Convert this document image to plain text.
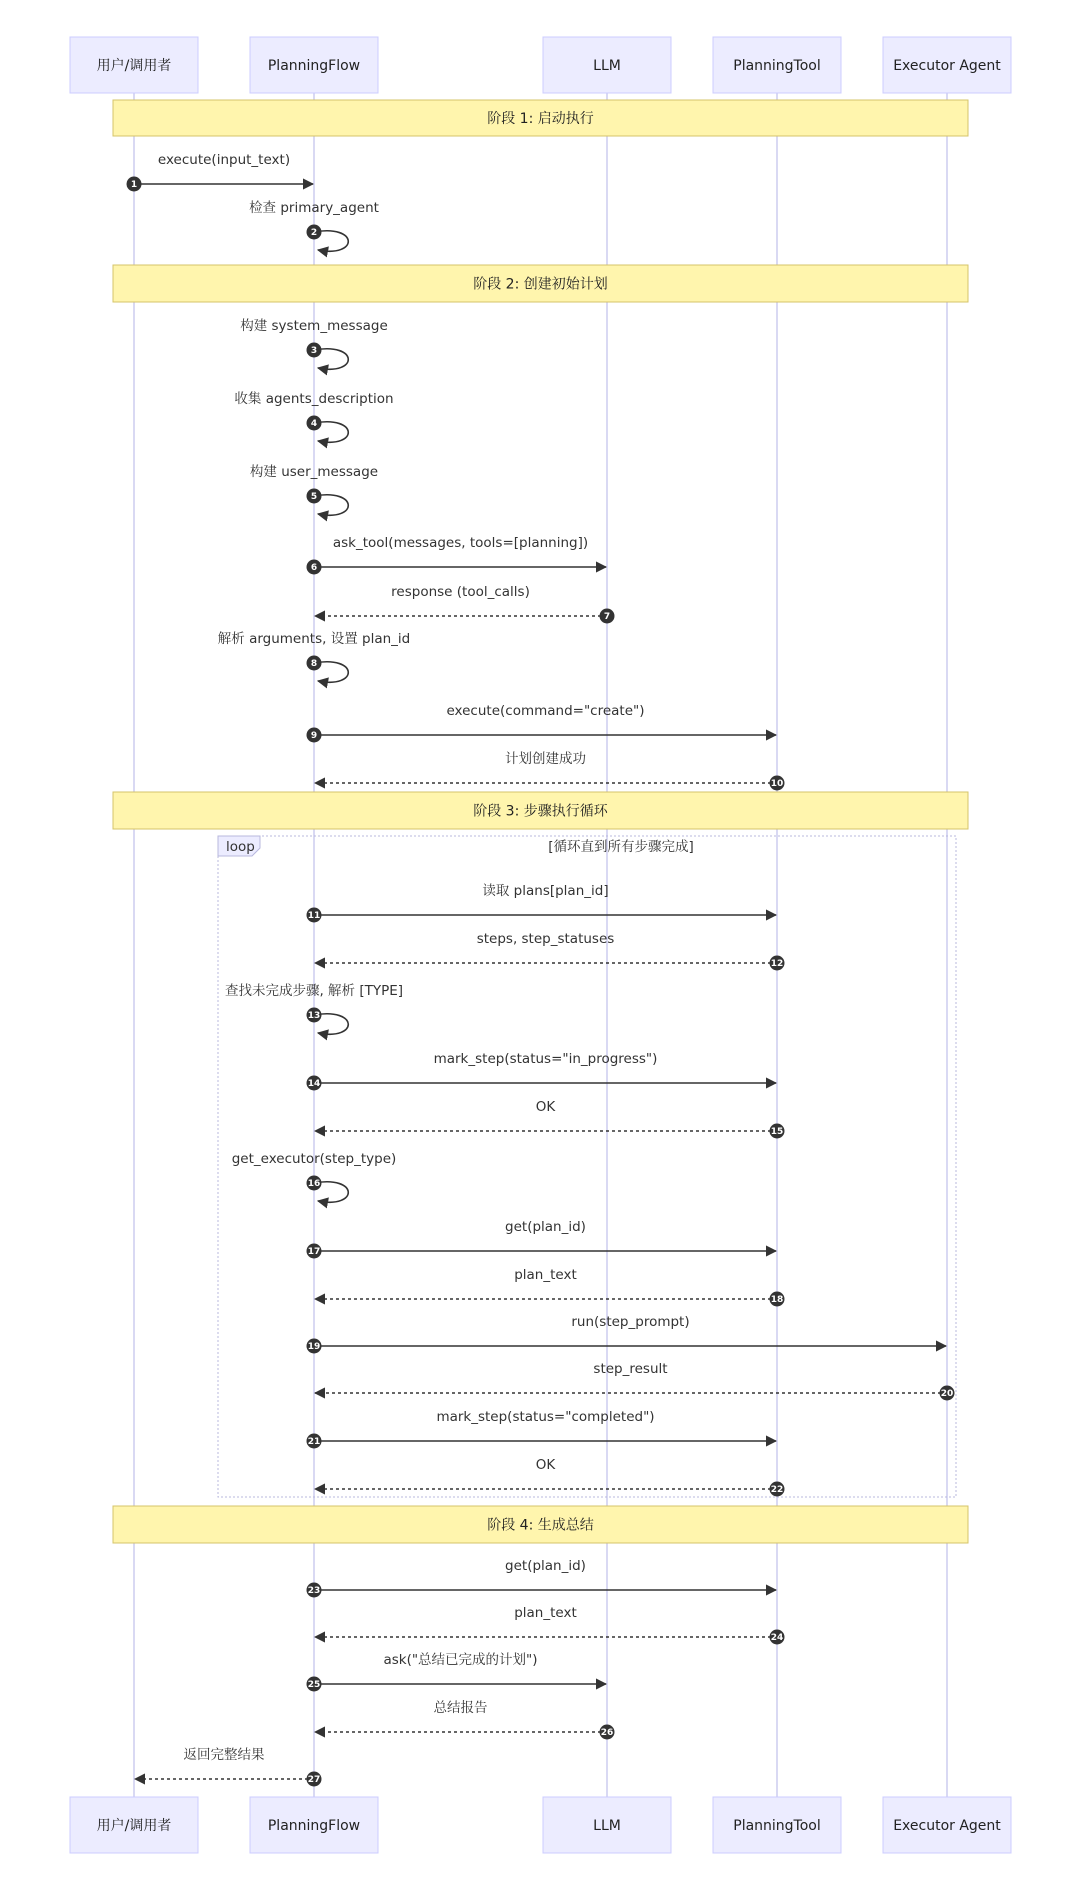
阶段 1: 启动执行
阶段 2: 创建初始计划
阶段 3: 步骤执行循环
阶段 4: 生成总结
loop	[循环直到所有步骤完成]
execute(input_text)
1
检查 primary_agent
2
构建 system_message
3
收集 agents_description
4
构建 user_message
5
ask_tool(messages, tools=[planning])
6
response (tool_calls)
7
解析 arguments, 设置 plan_id
8
execute(command="create")
9
计划创建成功
10
读取 plans[plan_id]
11
steps, step_statuses
12
查找未完成步骤, 解析 [TYPE]
13
mark_step(status="in_progress")
14
OK
15
get_executor(step_type)
16
get(plan_id)
17
plan_text
18
run(step_prompt)
19
step_result
20
mark_step(status="completed")
21
OK
22
get(plan_id)
23
plan_text
24
ask("总结已完成的计划")
25
总结报告
26
返回完整结果
27
用户/调用者	PlanningFlow	LLM	PlanningTool	Executor Agent
用户/调用者	PlanningFlow	LLM	PlanningTool	Executor Agent
